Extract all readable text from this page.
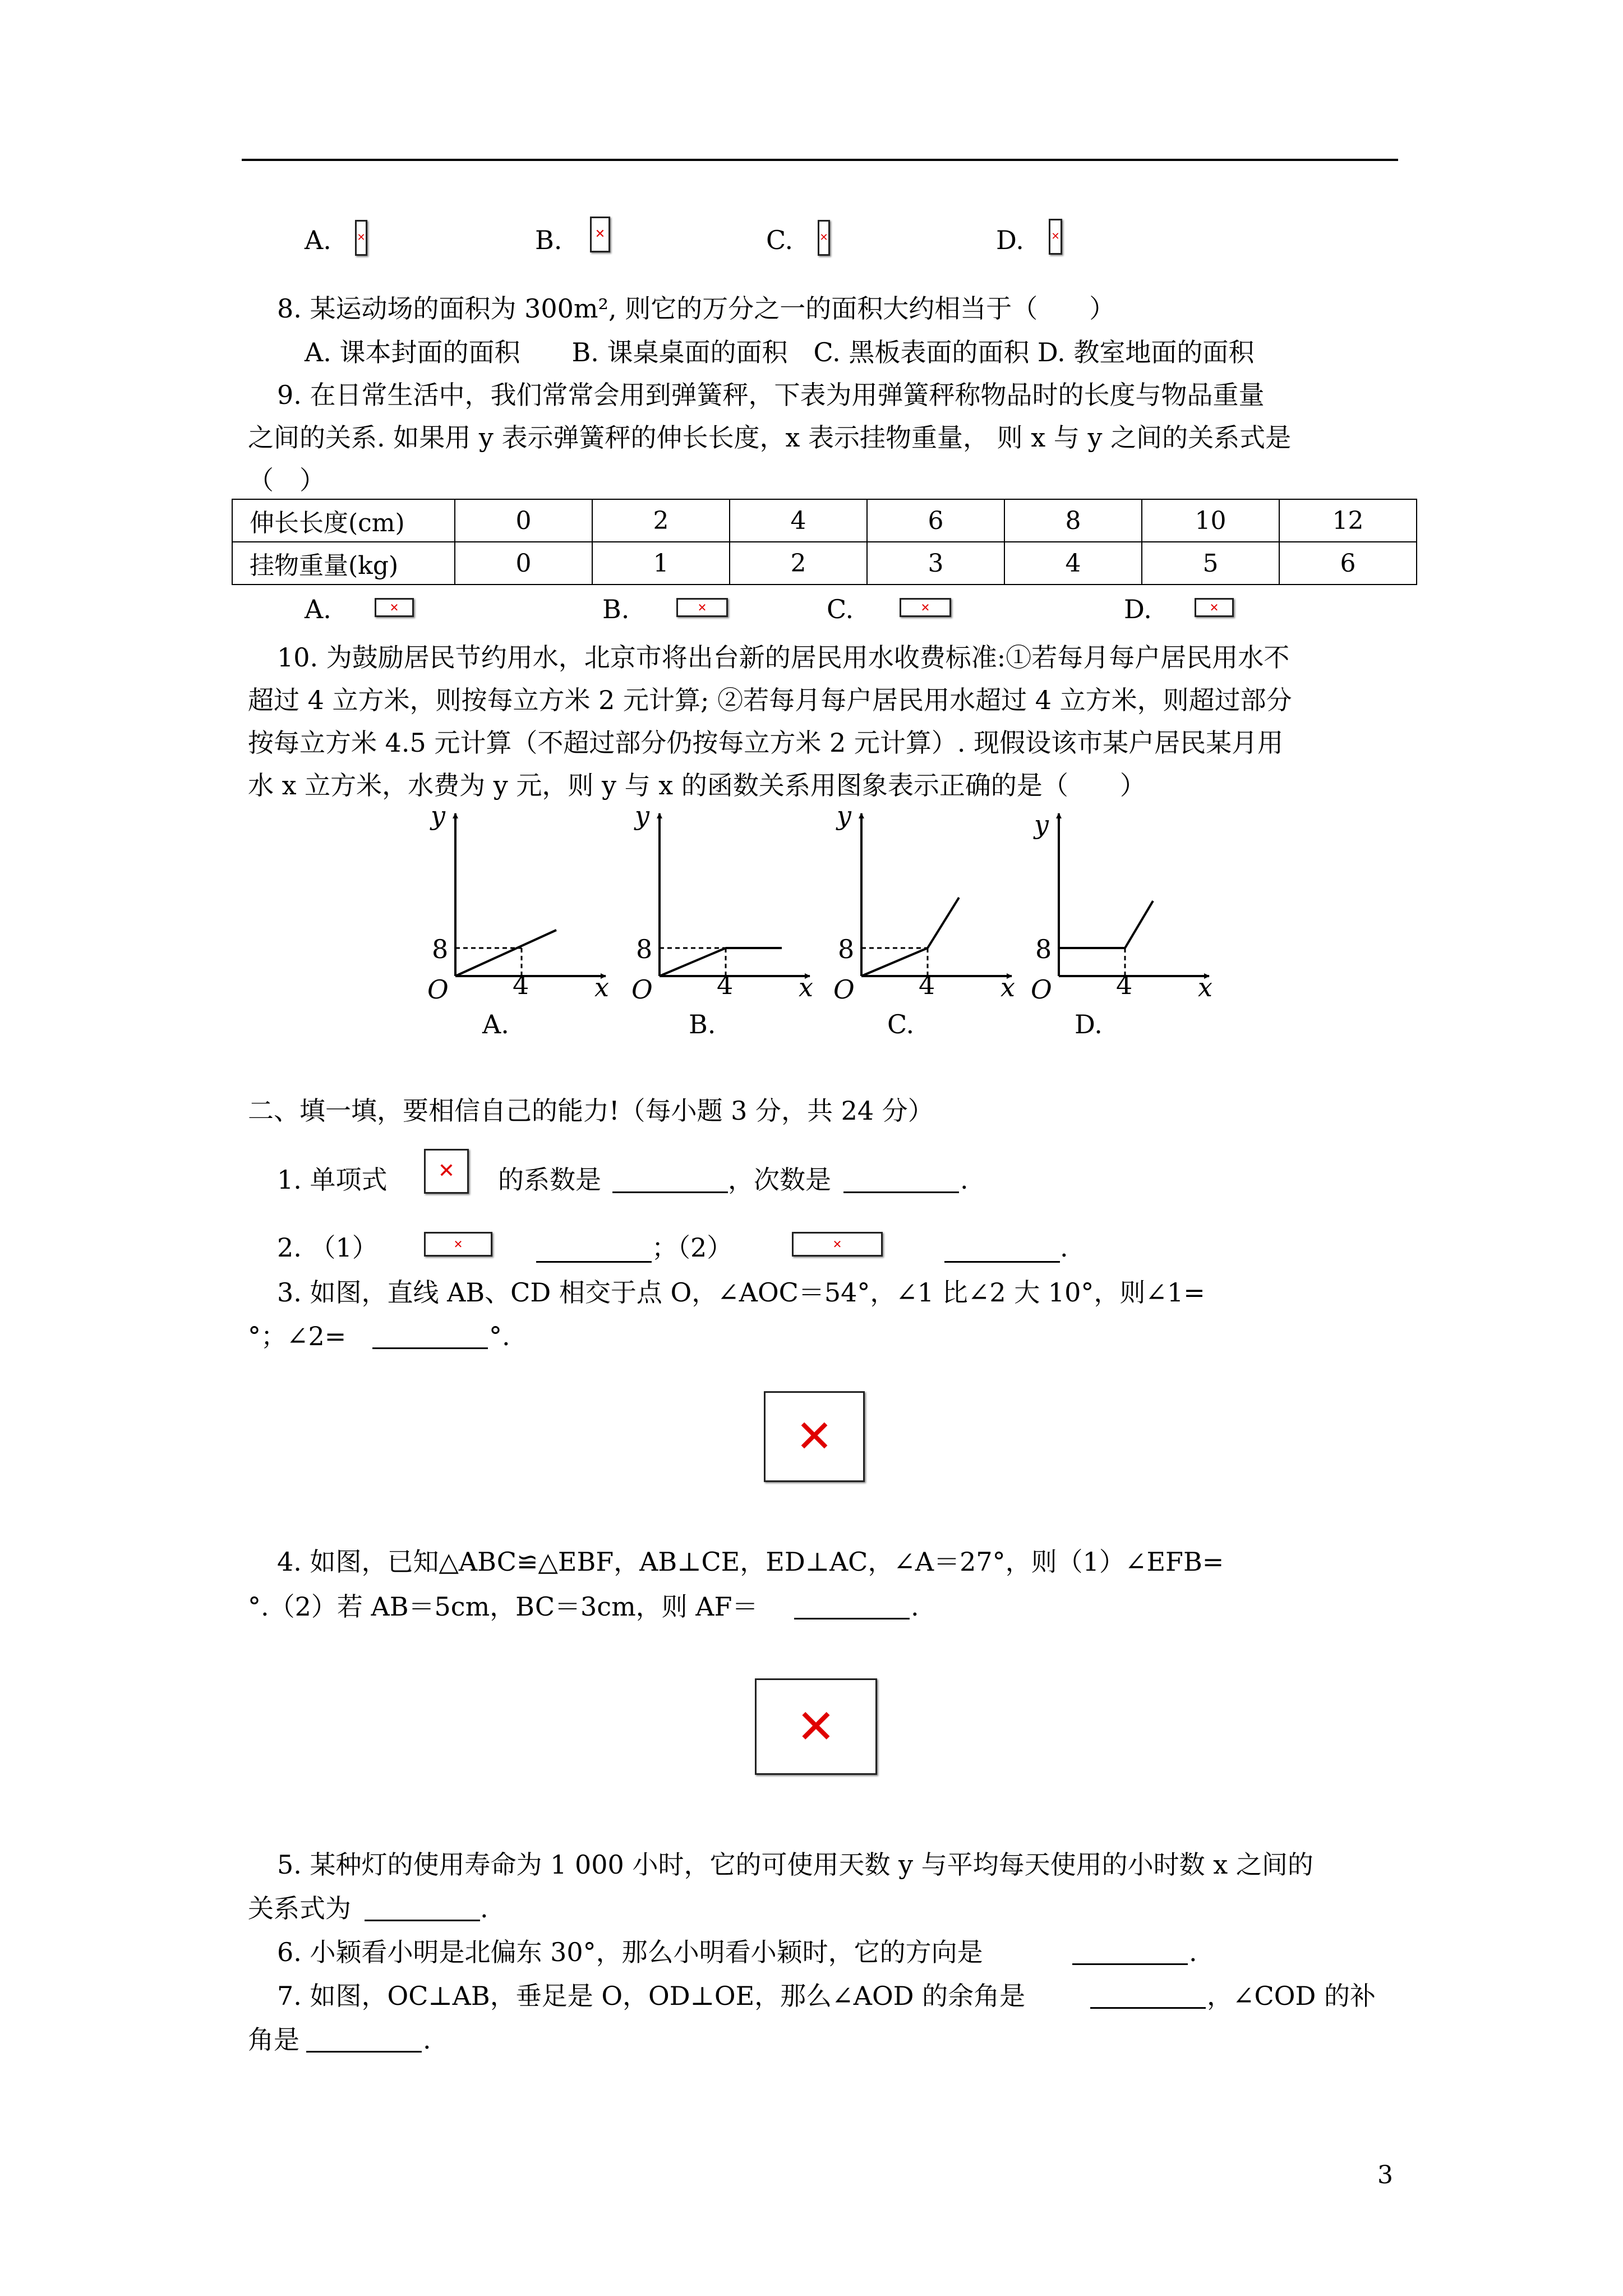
A.	✕	B.	✕	C.	✕	D.	✕
8. 某运动场的面积为 300m², 则它的万分之一的面积大约相当于（　　）
A. 课本封面的面积　　B. 课桌桌面的面积　C. 黑板表面的面积 D. 教室地面的面积
9. 在日常生活中，我们常常会用到弹簧秤，下表为用弹簧秤称物品时的长度与物品重量
之间的关系. 如果用 y 表示弹簧秤的伸长长度，x 表示挂物重量， 则 x 与 y 之间的关系式是
（　）
伸长长度(cm)	0	2	4	6	8	10	12
挂物重量(kg)	0	1	2	3	4	5	6
A.	✕	B.	✕	C.	✕	D.	✕
10. 为鼓励居民节约用水，北京市将出台新的居民用水收费标准:①若每月每户居民用水不
超过 4 立方米，则按每立方米 2 元计算; ②若每月每户居民用水超过 4 立方米，则超过部分
按每立方米 4.5 元计算（不超过部分仍按每立方米 2 元计算）. 现假设该市某户居民某月用
水 x 立方米，水费为 y 元，则 y 与 x 的函数关系用图象表示正确的是（　　）
y
8
O 4	x
A.
y
8
O 4	x
B.
y
8
O 4	x
C.
y
8
O 4	x
D.
二、填一填，要相信自己的能力!（每小题 3 分，共 24 分）
1. 单项式	✕ 的系数是	，次数是	.
2. （1）	✕	；（2）	✕	.
3. 如图，直线 AB、CD 相交于点 O，∠AOC＝54°，∠1 比∠2 大 10°，则∠1=
°；∠2=	°.
✕
4. 如图，已知△ABC≌△EBF，AB⊥CE，ED⊥AC，∠A＝27°，则（1）∠EFB=
°.（2）若 AB＝5cm，BC＝3cm，则 AF＝	.
✕
5. 某种灯的使用寿命为 1 000 小时，它的可使用天数 y 与平均每天使用的小时数 x 之间的
关系式为	.
6. 小颖看小明是北偏东 30°，那么小明看小颖时，它的方向是	.
7. 如图，OC⊥AB，垂足是 O，OD⊥OE，那么∠AOD 的余角是	，∠COD 的补
角是	.
3
